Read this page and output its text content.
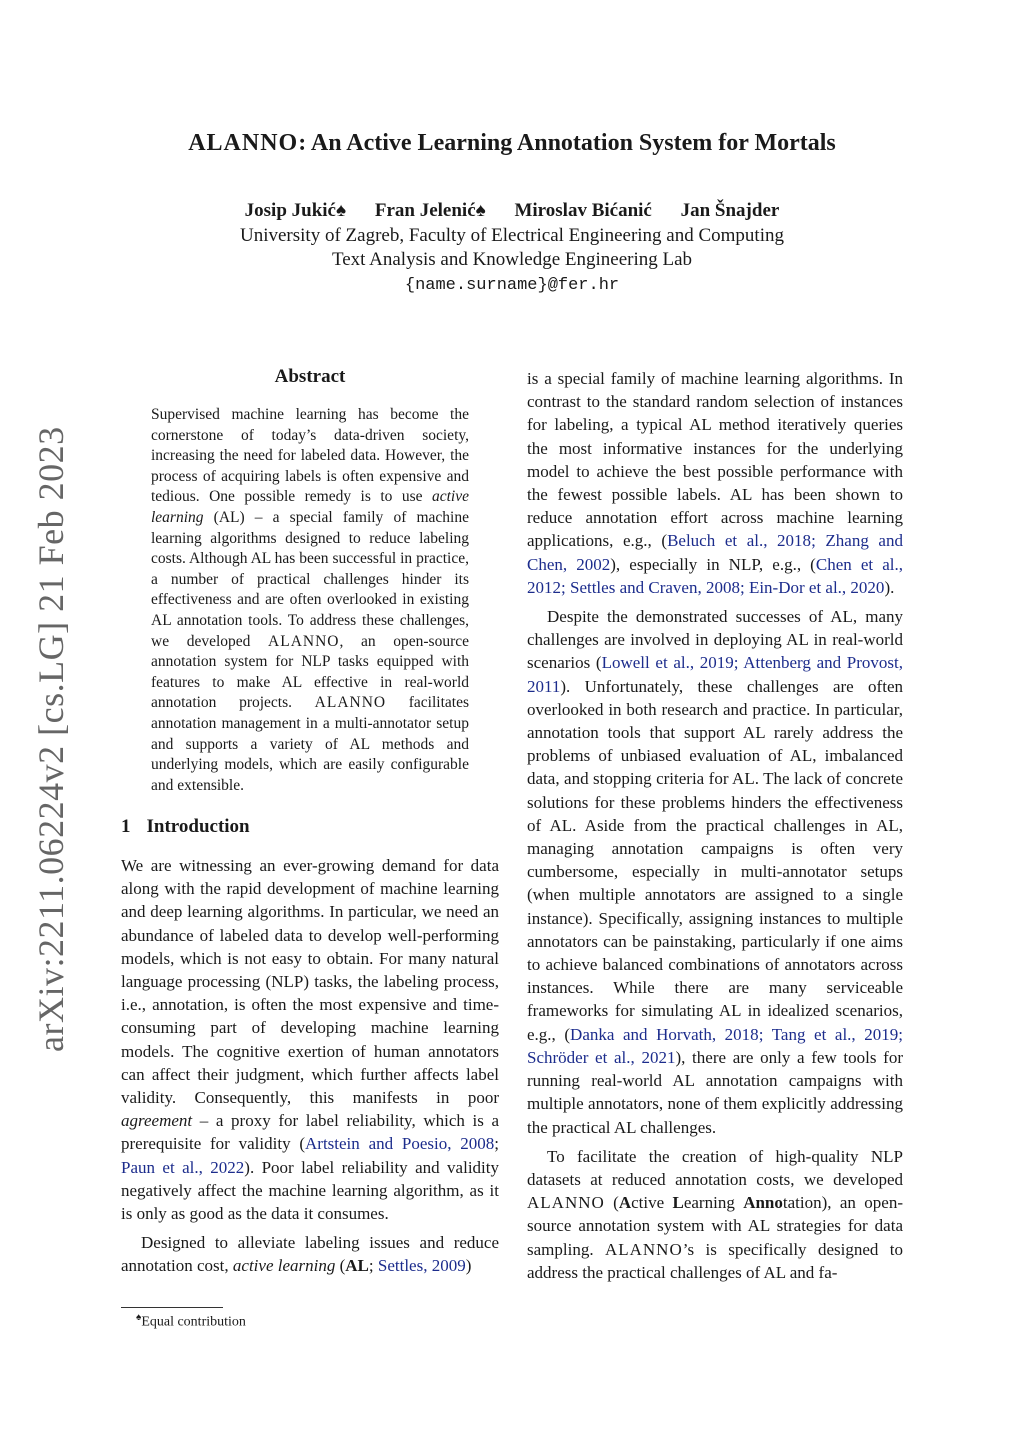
arXiv:2211.06224v2 [cs.LG] 21 Feb 2023
ALANNO: An Active Learning Annotation System for Mortals
Josip Jukić♠ Fran Jelenić♠ Miroslav Bićanić Jan Šnajder
University of Zagreb, Faculty of Electrical Engineering and Computing
Text Analysis and Knowledge Engineering Lab
{name.surname}@fer.hr
Abstract
Supervised machine learning has become the cornerstone of today’s data-driven society, increasing the need for labeled data. However, the process of acquiring labels is often expensive and tedious. One possible remedy is to use active learning (AL) – a special family of machine learning algorithms designed to reduce labeling costs. Although AL has been successful in practice, a number of practical challenges hinder its effectiveness and are often overlooked in existing AL annotation tools. To address these challenges, we developed ALANNO, an open-source annotation system for NLP tasks equipped with features to make AL effective in real-world annotation projects. ALANNO facilitates annotation management in a multi-annotator setup and supports a variety of AL methods and underlying models, which are easily configurable and extensible.
1 Introduction

We are witnessing an ever-growing demand for data along with the rapid development of machine learning and deep learning algorithms. In particular, we need an abundance of labeled data to develop well-performing models, which is not easy to obtain. For many natural language processing (NLP) tasks, the labeling process, i.e., annotation, is often the most expensive and time-consuming part of developing machine learning models. The cognitive exertion of human annotators can affect their judgment, which further affects label validity. Consequently, this manifests in poor agreement – a proxy for label reliability, which is a prerequisite for validity (Artstein and Poesio, 2008; Paun et al., 2022). Poor label reliability and validity negatively affect the machine learning algorithm, as it is only as good as the data it consumes.

Designed to alleviate labeling issues and reduce annotation cost, active learning (AL; Settles, 2009)

♠Equal contribution

is a special family of machine learning algorithms. In contrast to the standard random selection of instances for labeling, a typical AL method iteratively queries the most informative instances for the underlying model to achieve the best possible performance with the fewest possible labels. AL has been shown to reduce annotation effort across machine learning applications, e.g., (Beluch et al., 2018; Zhang and Chen, 2002), especially in NLP, e.g., (Chen et al., 2012; Settles and Craven, 2008; Ein-Dor et al., 2020).

Despite the demonstrated successes of AL, many challenges are involved in deploying AL in real-world scenarios (Lowell et al., 2019; Attenberg and Provost, 2011). Unfortunately, these challenges are often overlooked in both research and practice. In particular, annotation tools that support AL rarely address the problems of unbiased evaluation of AL, imbalanced data, and stopping criteria for AL. The lack of concrete solutions for these problems hinders the effectiveness of AL. Aside from the practical challenges in AL, managing annotation campaigns is often very cumbersome, especially in multi-annotator setups (when multiple annotators are assigned to a single instance). Specifically, assigning instances to multiple annotators can be painstaking, particularly if one aims to achieve balanced combinations of annotators across instances. While there are many serviceable frameworks for simulating AL in idealized scenarios, e.g., (Danka and Horvath, 2018; Tang et al., 2019; Schröder et al., 2021), there are only a few tools for running real-world AL annotation campaigns with multiple annotators, none of them explicitly addressing the practical AL challenges.

To facilitate the creation of high-quality NLP datasets at reduced annotation costs, we developed ALANNO (Active Learning Annotation), an open-source annotation system with AL strategies for data sampling. ALANNO’s is specifically designed to address the practical challenges of AL and fa-
